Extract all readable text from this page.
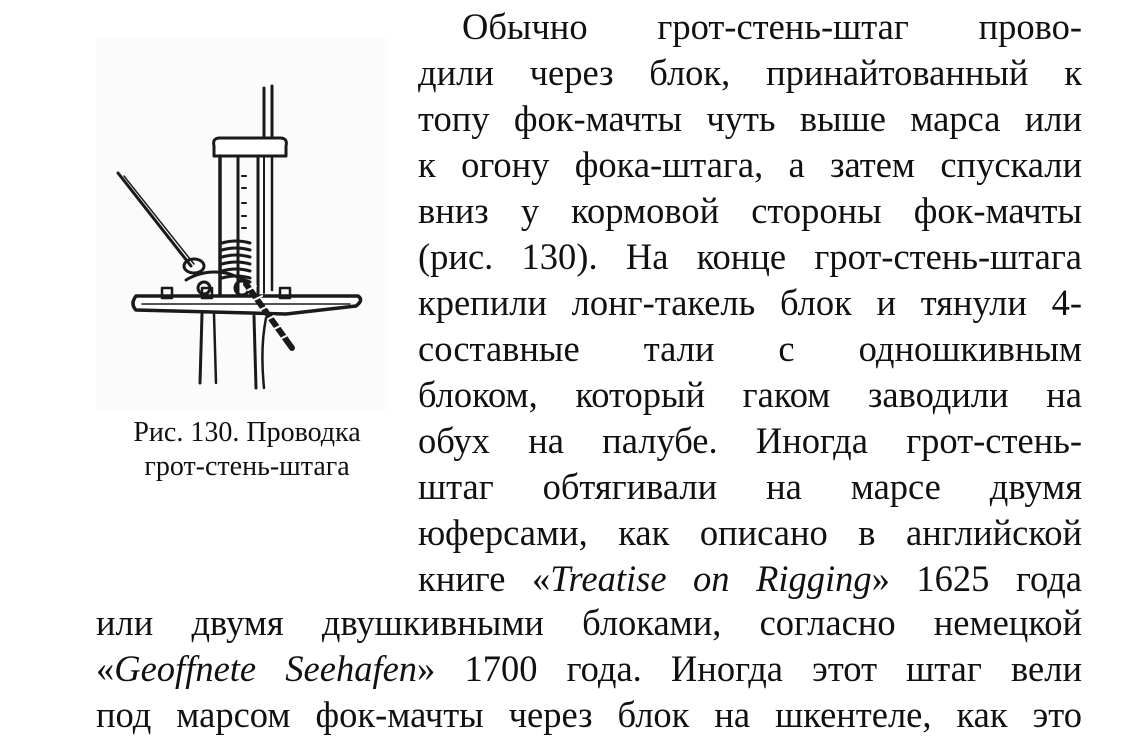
Рис. 130. Проводка
грот-стень-штага
Обычно грот-стень-штаг прово-
дили через блок, принайтованный к
топу фок-мачты чуть выше марса или
к огону фока-штага, а затем спускали
вниз у кормовой стороны фок-мачты
(рис. 130). На конце грот-стень-штага
крепили лонг-такель блок и тянули 4-
составные тали с одношкивным
блоком, который гаком заводили на
обух на палубе. Иногда грот-стень-
штаг обтягивали на марсе двумя
юферсами, как описано в английской
книге «Treatise on Rigging» 1625 года
или двумя двушкивными блоками, согласно немецкой
«Geoffnete Seehafen» 1700 года. Иногда этот штаг вели
под марсом фок-мачты через блок на шкентеле, как это
